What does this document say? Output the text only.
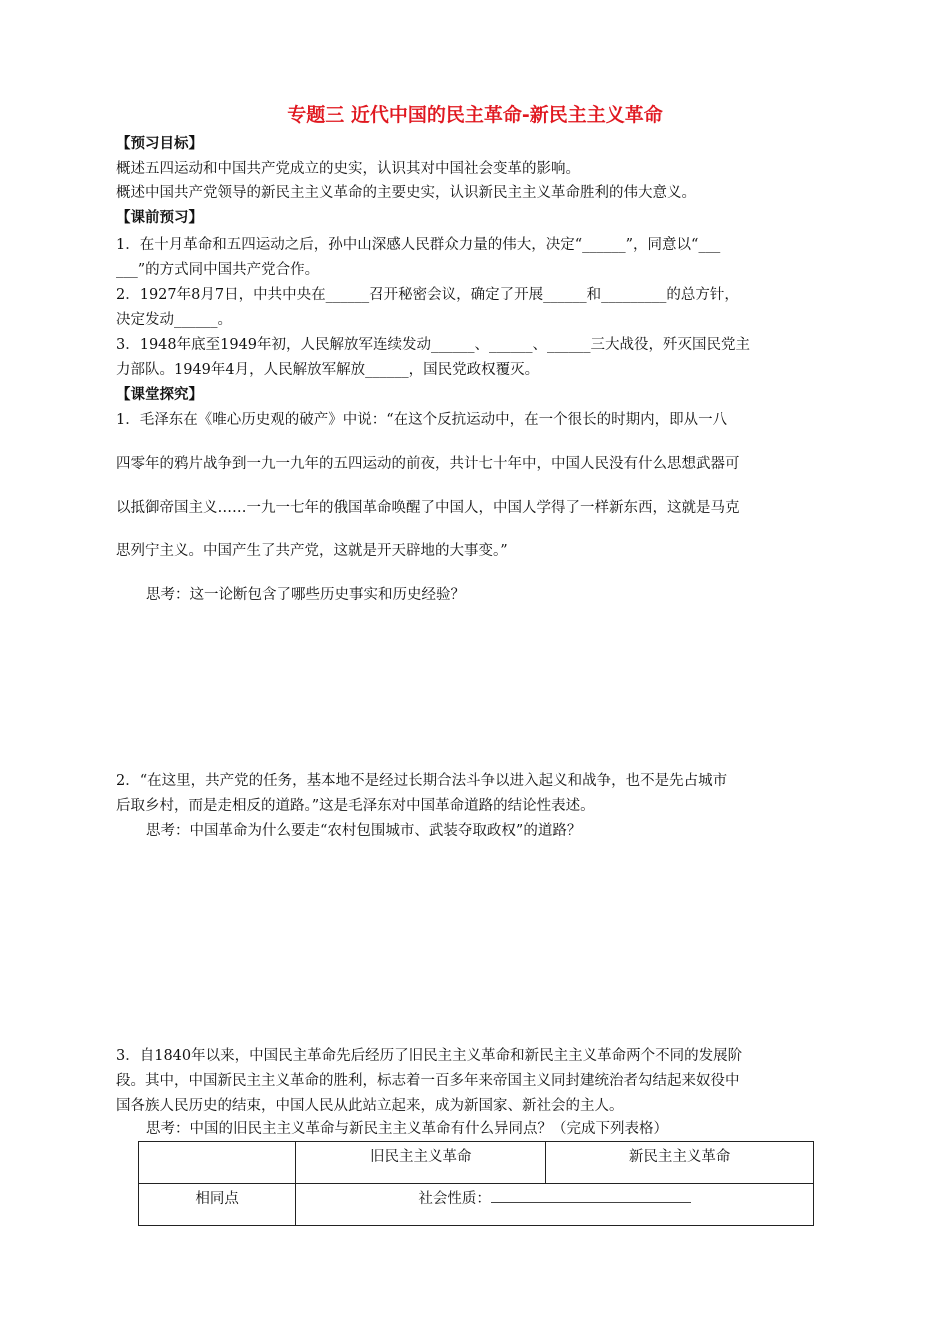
专题三 近代中国的民主革命-新民主主义革命
【预习目标】
概述五四运动和中国共产党成立的史实，认识其对中国社会变革的影响。
概述中国共产党领导的新民主主义革命的主要史实，认识新民主主义革命胜利的伟大意义。
【课前预习】
1．在十月革命和五四运动之后，孙中山深感人民群众力量的伟大，决定“______”，同意以“___
___”的方式同中国共产党合作。
2．1927年8月7日，中共中央在______召开秘密会议，确定了开展______和_________的总方针，
决定发动______。
3．1948年底至1949年初，人民解放军连续发动______、______、______三大战役，歼灭国民党主
力部队。1949年4月，人民解放军解放______，国民党政权覆灭。
【课堂探究】
1．毛泽东在《唯心历史观的破产》中说：“在这个反抗运动中，在一个很长的时期内，即从一八
四零年的鸦片战争到一九一九年的五四运动的前夜，共计七十年中，中国人民没有什么思想武器可
以抵御帝国主义……一九一七年的俄国革命唤醒了中国人，中国人学得了一样新东西，这就是马克
思列宁主义。中国产生了共产党，这就是开天辟地的大事变。”
思考：这一论断包含了哪些历史事实和历史经验？
2．“在这里，共产党的任务，基本地不是经过长期合法斗争以进入起义和战争，也不是先占城市
后取乡村，而是走相反的道路。”这是毛泽东对中国革命道路的结论性表述。
思考：中国革命为什么要走“农村包围城市、武装夺取政权”的道路？
3．自1840年以来，中国民主革命先后经历了旧民主主义革命和新民主主义革命两个不同的发展阶
段。其中，中国新民主主义革命的胜利，标志着一百多年来帝国主义同封建统治者勾结起来奴役中
国各族人民历史的结束，中国人民从此站立起来，成为新国家、新社会的主人。
思考：中国的旧民主主义革命与新民主主义革命有什么异同点？（完成下列表格）
	旧民主主义革命	新民主主义革命
相同点	社会性质：	
